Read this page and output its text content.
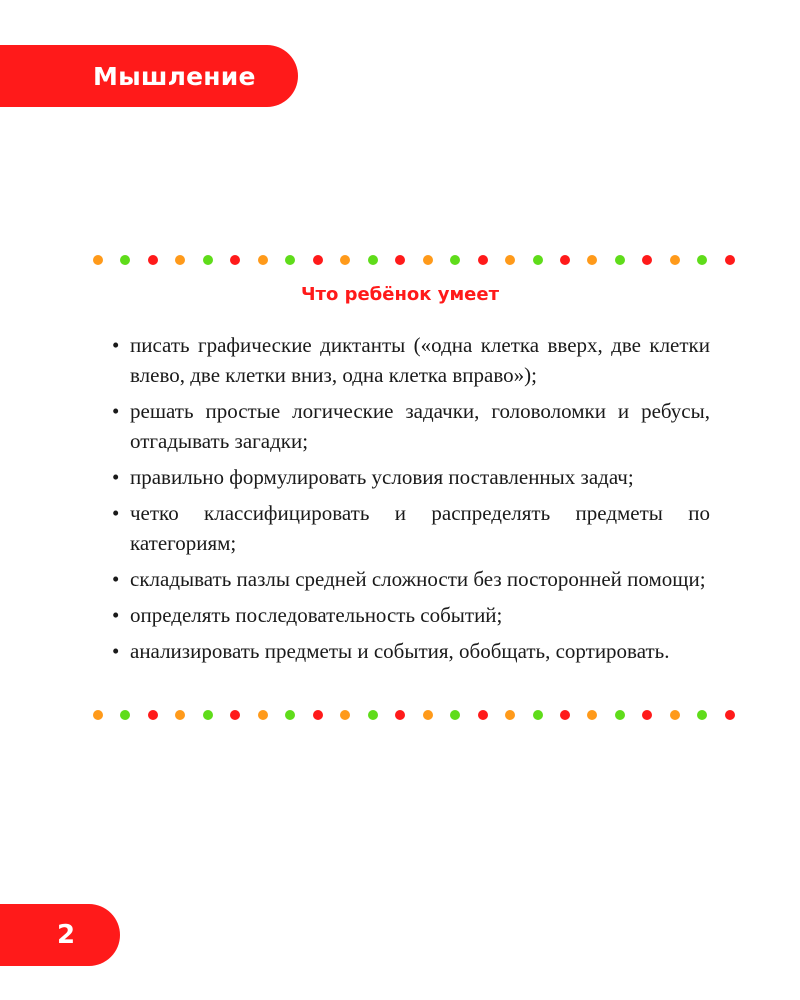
Мышление
Что ребёнок умеет
• писать графические диктанты («одна клетка вверх, две клетки влево, две клетки вниз, одна клетка вправо»);
• решать простые логические задачки, головоломки и ребусы, отгадывать загадки;
• правильно формулировать условия поставленных задач;
• четко классифицировать и распределять предметы по категориям;
• складывать пазлы средней сложности без посторонней помощи;
• определять последовательность событий;
• анализировать предметы и события, обобщать, сортировать.
2
